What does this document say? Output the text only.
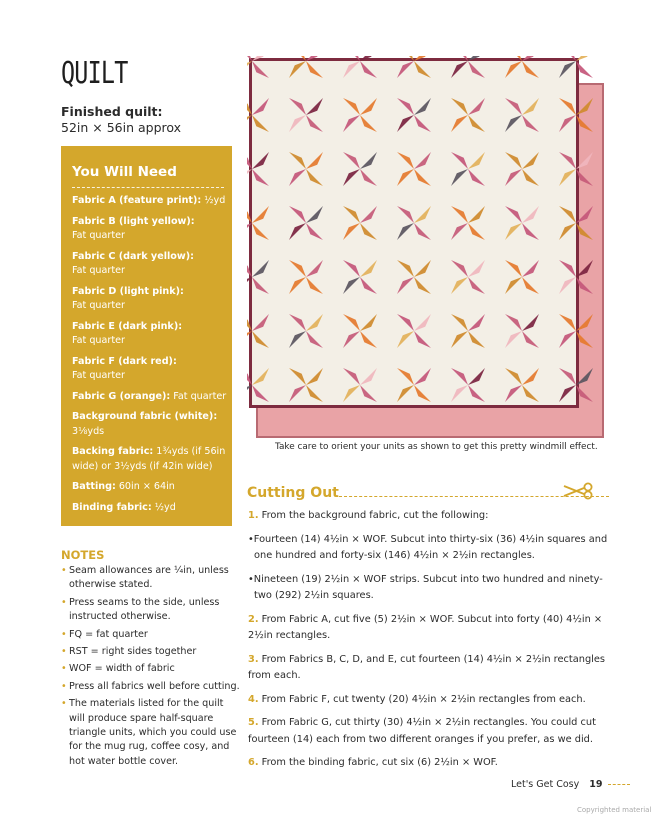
QUILT
Finished quilt:
52in × 56in approx
You Will Need
Fabric A (feature print): ½yd
Fabric B (light yellow):
Fat quarter
Fabric C (dark yellow):
Fat quarter
Fabric D (light pink):
Fat quarter
Fabric E (dark pink):
Fat quarter
Fabric F (dark red):
Fat quarter
Fabric G (orange): Fat quarter
Background fabric (white):
3⅛yds
Backing fabric: 1¾yds (if 56in wide) or 3½yds (if 42in wide)
Batting: 60in × 64in
Binding fabric: ½yd
NOTES
• Seam allowances are ¼in, unless otherwise stated.
• Press seams to the side, unless instructed otherwise.
• FQ = fat quarter
• RST = right sides together
• WOF = width of fabric
• Press all fabrics well before cutting.
• The materials listed for the quilt will produce spare half-square triangle units, which you could use for the mug rug, coffee cosy, and hot water bottle cover.
Take care to orient your units as shown to get this pretty windmill effect.
Cutting Out

1. From the background fabric, cut the following:

•Fourteen (14) 4½in × WOF. Subcut into thirty-six (36) 4½in squares and one hundred and forty-six (146) 4½in × 2½in rectangles.

•Nineteen (19) 2½in × WOF strips. Subcut into two hundred and ninety-two (292) 2½in squares.

2. From Fabric A, cut five (5) 2½in × WOF. Subcut into forty (40) 4½in × 2½in rectangles.

3. From Fabrics B, C, D, and E, cut fourteen (14) 4½in × 2½in rectangles from each.

4. From Fabric F, cut twenty (20) 4½in × 2½in rectangles from each.

5. From Fabric G, cut thirty (30) 4½in × 2½in rectangles. You could cut fourteen (14) each from two different oranges if you prefer, as we did.

6. From the binding fabric, cut six (6) 2½in × WOF.

Let's Get Cosy 19
Copyrighted material
